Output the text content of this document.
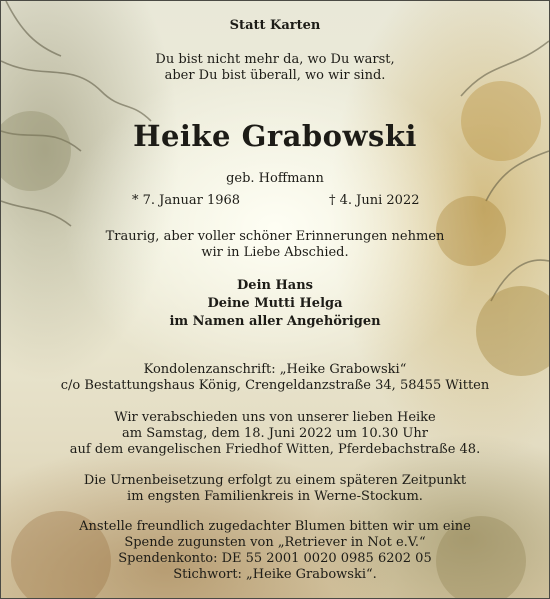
Statt Karten
Du bist nicht mehr da, wo Du warst,
aber Du bist überall, wo wir sind.
Heike Grabowski
geb. Hoffmann
* 7. Januar 1968	† 4. Juni 2022
Traurig, aber voller schöner Erinnerungen nehmen
wir in Liebe Abschied.
Dein Hans
Deine Mutti Helga
im Namen aller Angehörigen
Kondolenzanschrift: „Heike Grabowski“
c/o Bestattungshaus König, Crengeldanzstraße 34, 58455 Witten
Wir verabschieden uns von unserer lieben Heike
am Samstag, dem 18. Juni 2022 um 10.30 Uhr
auf dem evangelischen Friedhof Witten, Pferdebachstraße 48.
Die Urnenbeisetzung erfolgt zu einem späteren Zeitpunkt
im engsten Familienkreis in Werne-Stockum.
Anstelle freundlich zugedachter Blumen bitten wir um eine
Spende zugunsten von „Retriever in Not e.V.“
Spendenkonto: DE 55 2001 0020 0985 6202 05
Stichwort: „Heike Grabowski“.
